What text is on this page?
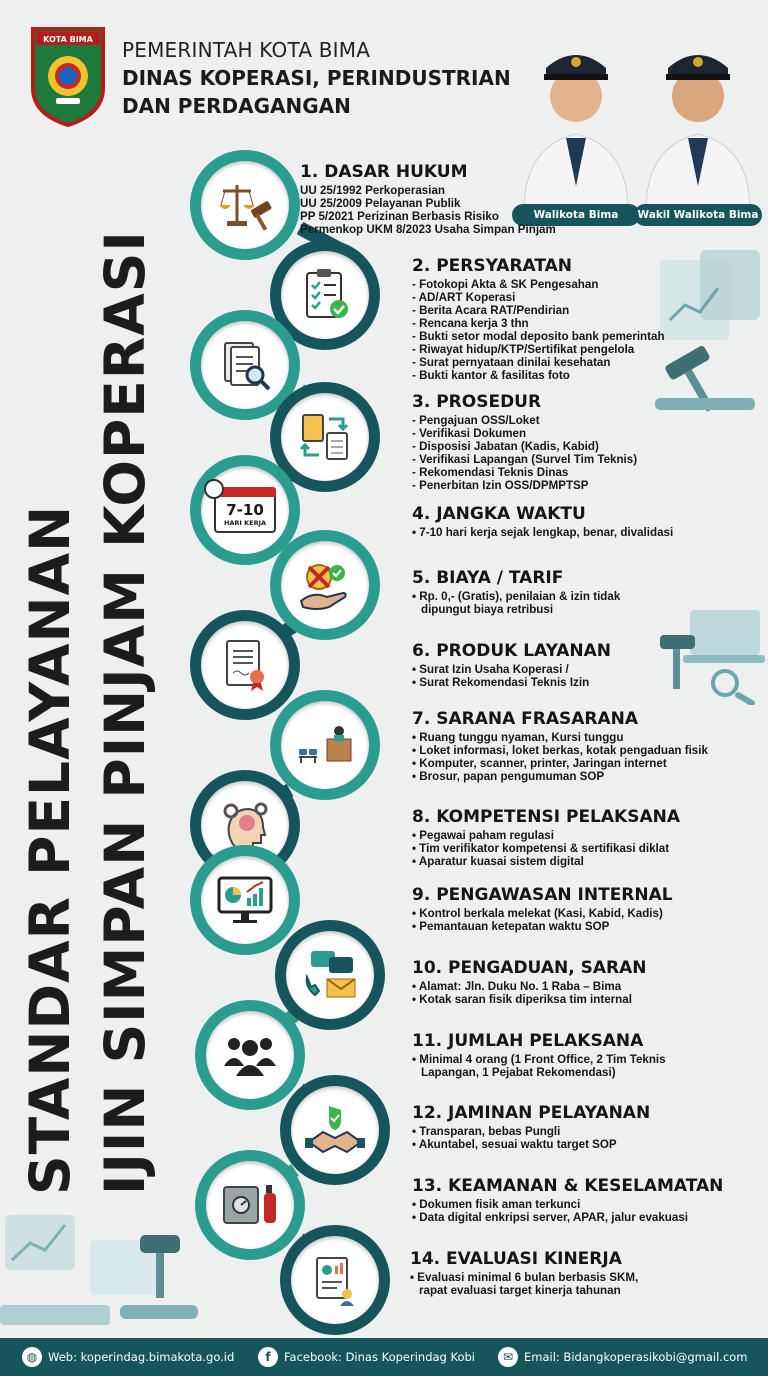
KOTA BIMA PEMERINTAH KOTA BIMA
DINAS KOPERASI, PERINDUSTRIAN
DAN PERDAGANGAN
Walikota Bima	Wakil Walikota Bima
STANDAR PELAYANAN IJIN SIMPAN PINJAM KOPERASI	7-10
HARI KERJA
1. DASAR HUKUM
UU 25/1992 Perkoperasian
UU 25/2009 Pelayanan Publik
PP 5/2021 Perizinan Berbasis Risiko
Permenkop UKM 8/2023 Usaha Simpan Pinjam
2. PERSYARATAN
- Fotokopi Akta & SK Pengesahan
- AD/ART Koperasi
- Berita Acara RAT/Pendirian
- Rencana kerja 3 thn
- Bukti setor modal deposito bank pemerintah
- Riwayat hidup/KTP/Sertifikat pengelola
- Surat pernyataan dinilai kesehatan
- Bukti kantor & fasilitas foto
3. PROSEDUR
- Pengajuan OSS/Loket
- Verifikasi Dokumen
- Disposisi Jabatan (Kadis, Kabid)
- Verifikasi Lapangan (Survel Tim Teknis)
- Rekomendasi Teknis Dinas
- Penerbitan Izin OSS/DPMPTSP
4. JANGKA WAKTU
• 7-10 hari kerja sejak lengkap, benar, divalidasi
5. BIAYA / TARIF
• Rp. 0,- (Gratis), penilaian & izin tidak
dipungut biaya retribusi
6. PRODUK LAYANAN
• Surat Izin Usaha Koperasi /
• Surat Rekomendasi Teknis Izin
7. SARANA FRASARANA
• Ruang tunggu nyaman, Kursi tunggu
• Loket informasi, loket berkas, kotak pengaduan fisik
• Komputer, scanner, printer, Jaringan internet
• Brosur, papan pengumuman SOP
8. KOMPETENSI PELAKSANA
• Pegawai paham regulasi
• Tim verifikator kompetensi & sertifikasi diklat
• Aparatur kuasai sistem digital
9. PENGAWASAN INTERNAL
• Kontrol berkala melekat (Kasi, Kabid, Kadis)
• Pemantauan ketepatan waktu SOP
10. PENGADUAN, SARAN
• Alamat: Jln. Duku No. 1 Raba – Bima
• Kotak saran fisik diperiksa tim internal
11. JUMLAH PELAKSANA
• Minimal 4 orang (1 Front Office, 2 Tim Teknis
Lapangan, 1 Pejabat Rekomendasi)
12. JAMINAN PELAYANAN
• Transparan, bebas Pungli
• Akuntabel, sesuai waktu target SOP
13. KEAMANAN & KESELAMATAN
• Dokumen fisik aman terkunci
• Data digital enkripsi server, APAR, jalur evakuasi
14. EVALUASI KINERJA
• Evaluasi minimal 6 bulan berbasis SKM,
rapat evaluasi target kinerja tahunan
◍ Web: koperindag.bimakota.go.id	f	Facebook: Dinas Koperindag Kobi	✉ Email: Bidangkoperasikobi@gmail.com
